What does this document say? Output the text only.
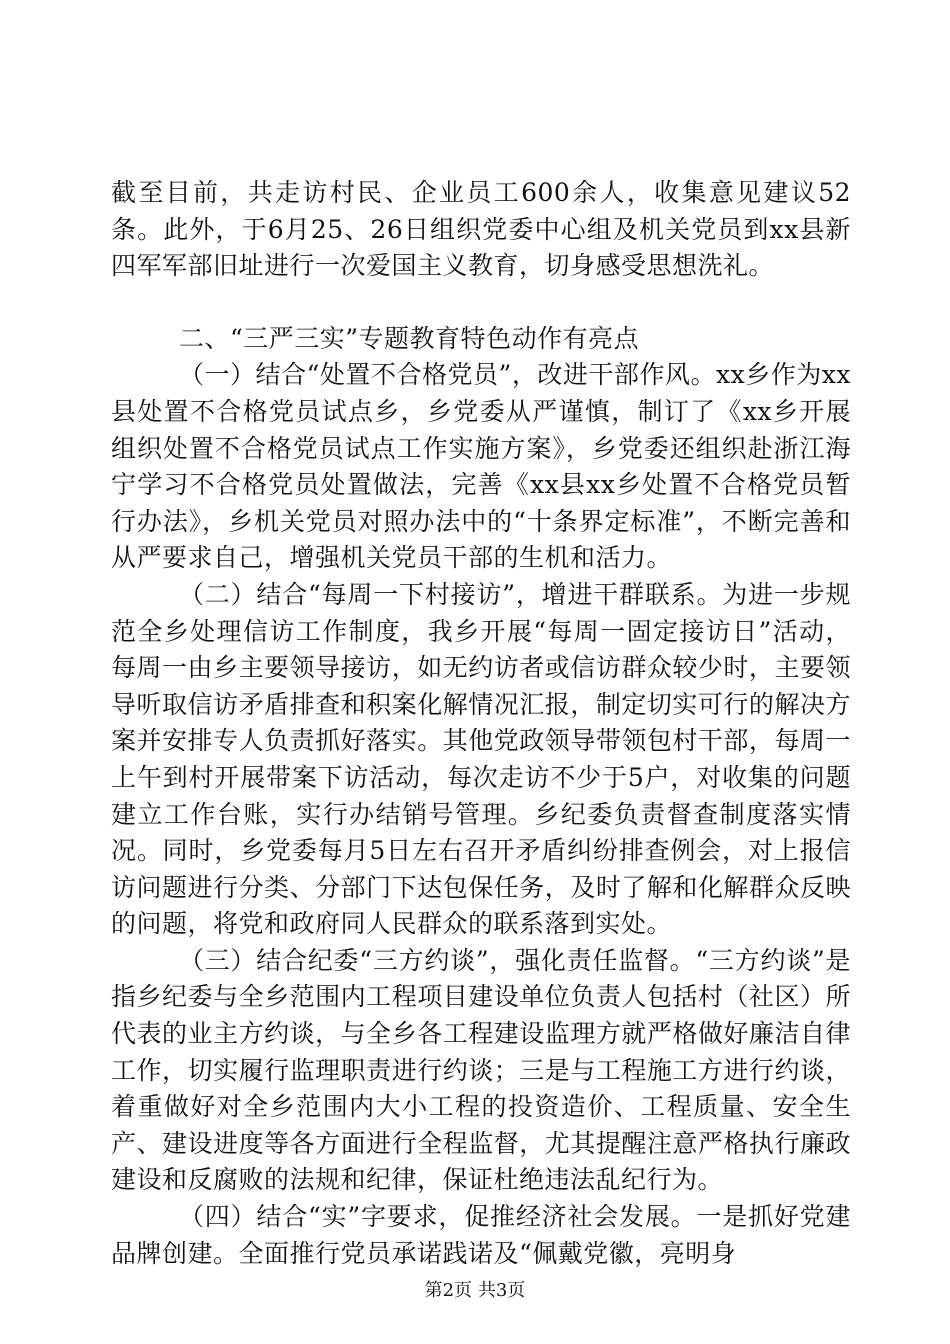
截至目前，共走访村民、企业员工600余人，收集意见建议52条。此外，于6月25、26日组织党委中心组及机关党员到xx县新四军军部旧址进行一次爱国主义教育，切身感受思想洗礼。

二、“三严三实”专题教育特色动作有亮点

（一）结合“处置不合格党员”，改进干部作风。xx乡作为xx县处置不合格党员试点乡，乡党委从严谨慎，制订了《xx乡开展组织处置不合格党员试点工作实施方案》，乡党委还组织赴浙江海宁学习不合格党员处置做法，完善《xx县xx乡处置不合格党员暂行办法》，乡机关党员对照办法中的“十条界定标准”，不断完善和从严要求自己，增强机关党员干部的生机和活力。

（二）结合“每周一下村接访”，增进干群联系。为进一步规范全乡处理信访工作制度，我乡开展“每周一固定接访日”活动，每周一由乡主要领导接访，如无约访者或信访群众较少时，主要领导听取信访矛盾排查和积案化解情况汇报，制定切实可行的解决方案并安排专人负责抓好落实。其他党政领导带领包村干部，每周一上午到村开展带案下访活动，每次走访不少于5户，对收集的问题建立工作台账，实行办结销号管理。乡纪委负责督查制度落实情况。同时，乡党委每月5日左右召开矛盾纠纷排查例会，对上报信访问题进行分类、分部门下达包保任务，及时了解和化解群众反映的问题，将党和政府同人民群众的联系落到实处。

（三）结合纪委“三方约谈”，强化责任监督。“三方约谈”是指乡纪委与全乡范围内工程项目建设单位负责人包括村（社区）所代表的业主方约谈，与全乡各工程建设监理方就严格做好廉洁自律工作，切实履行监理职责进行约谈；三是与工程施工方进行约谈，着重做好对全乡范围内大小工程的投资造价、工程质量、安全生产、建设进度等各方面进行全程监督，尤其提醒注意严格执行廉政建设和反腐败的法规和纪律，保证杜绝违法乱纪行为。

（四）结合“实”字要求，促推经济社会发展。一是抓好党建品牌创建。全面推行党员承诺践诺及“佩戴党徽，亮明身

第2页 共3页
